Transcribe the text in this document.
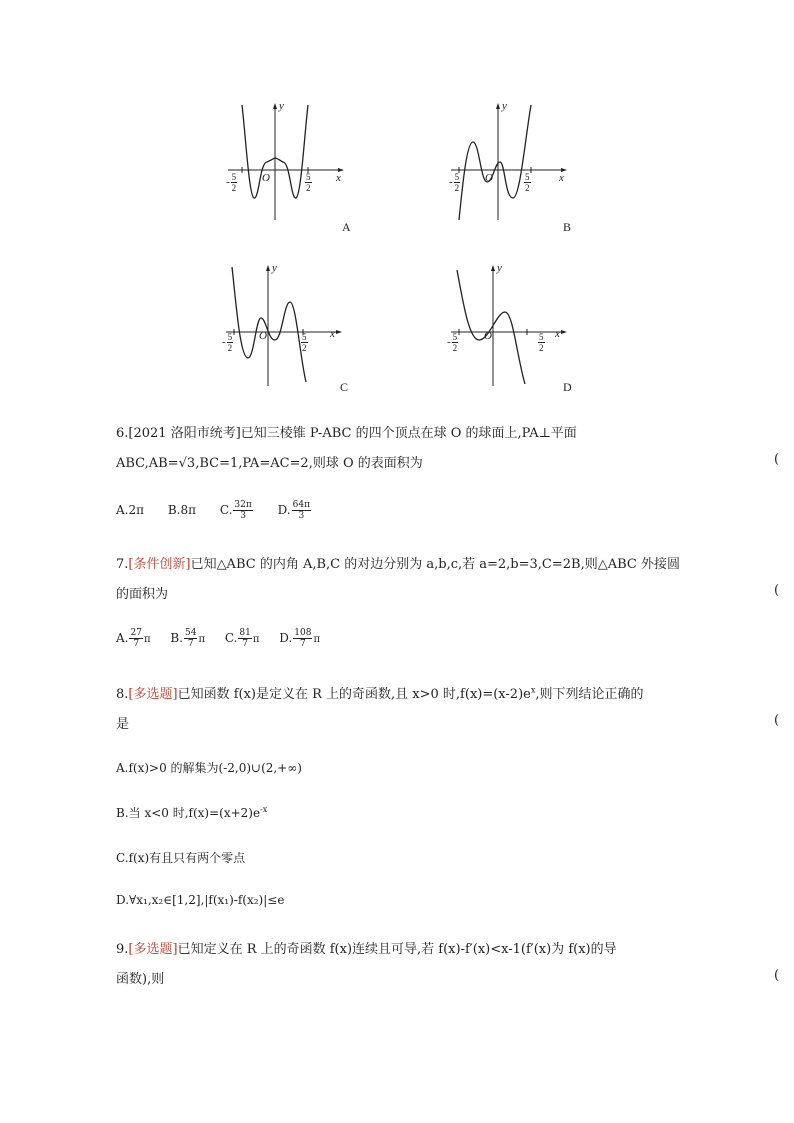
y
x
O
- $\frac{5}{2}$	$\frac{5}{2}$
A
y
x
O
- $\frac{5}{2}$	$\frac{5}{2}$
B
y
x
O
- $\frac{5}{2}$	$\frac{5}{2}$
C
y
x
O
- $\frac{5}{2}$	$\frac{5}{2}$
D
6.[2021 洛阳市统考]已知三棱锥 P-ABC 的四个顶点在球 O 的球面上,PA⊥平面
ABC,AB=√3,BC=1,PA=AC=2,则球 O 的表面积为	(
A.2π B.8π C. $\frac{32\pi}{3} D$. $\frac{64\pi}{3}$
7.[条件创新]已知△ABC 的内角 A,B,C 的对边分别为 a,b,c,若 a=2,b=3,C=2B,则△ABC 外接圆
的面积为	(
A. $\frac{27}{7}$ π B. $\frac{54}{7}$ π C. $\frac{81}{7}$ π D. $\frac{108}{7}$ π
8.[多选题]已知函数 f(x)是定义在 R 上的奇函数,且 x>0 时$,f(x)=(x-2)e^x$,则下列结论正确的
是	(
A.f(x)>0 的解集为(-2,0)∪(2,+∞)
B.当 x<0 时$,f(x)=(x+2)e^{-x}$
C.f(x)有且只有两个零点
D.∀x₁,x₂∈[1,2],|f(x₁)-f(x₂)|≤e
9.[多选题]已知定义在 R 上的奇函数 f(x)连续且可导,若 f(x)-f′(x)<x-1(f′(x)为 f(x)的导
函数),则	(
